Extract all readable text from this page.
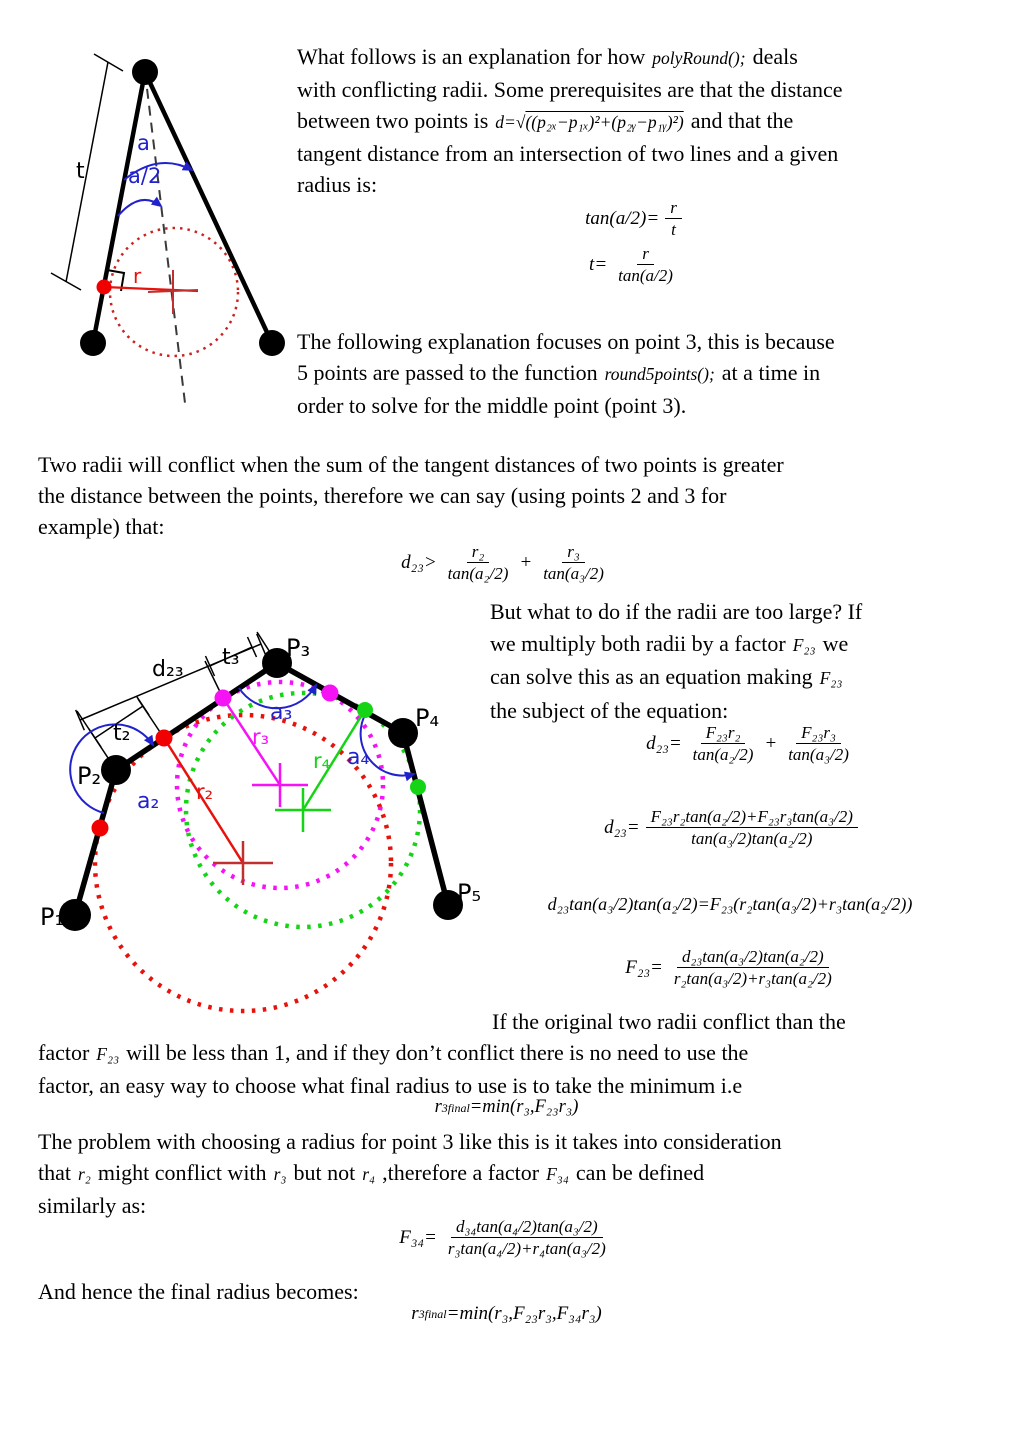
t
a
a/2
r
What follows is an explanation for how polyRound(); deals
with conflicting radii. Some prerequisites are that the distance
between two points is d=√((p₂ₓ−p₁ₓ)²+(p₂ᵧ−p₁ᵧ)²) and that the
tangent distance from an intersection of two lines and a given
radius is:
$\tan(a/2)= \frac{r}{t}$
$t= \frac{r}{\tan(a/2)}$
The following explanation focuses on point 3, this is because
5 points are passed to the function round5points(); at a time in
order to solve for the middle point (point 3).
Two radii will conflict when the sum of the tangent distances of two points is greater
the distance between the points, therefore we can say (using points 2 and 3 for
example) that:
d₂₃>
r₂
tan(a₂/2)
+ $\frac{\text{r₃}}{\text{tan(a₃/2)}}$
P₁
P₂
P₃
P₄
P₅
d₂₃
t₂
t₃
a₂
a₃
a₄
r₂
r₃
r₄
But what to do if the radii are too large? If
we multiply both radii by a factor F₂₃ we
can solve this as an equation making F₂₃
the subject of the equation:
$d_{23}= \frac{\text{F₂₃r₂}}{\text{tan(a₂/2)}} + \frac{\text{F₂₃r₃}}{\text{tan(a₃/2)}}$
$d_{23}= \frac{\text{F₂₃r₂tan(a₂/2)+F₂₃r₃tan(a₃/2)}}{\text{tan(a₃/2)tan(a₂/2)}}$
d₂₃tan(a₃/2)tan(a₂/2)=F₂₃(r₂tan(a₃/2)+r₃tan(a₂/2))
$F_{23}= \frac{\text{d₂₃tan(a₃/2)tan(a₂/2)}}{\text{r₂tan(a₃/2)+r₃tan(a₂/2)}}$
If the original two radii conflict than the
factor F₂₃ will be less than 1, and if they don’t conflict there is no need to use the
factor, an easy way to choose what final radius to use is to take the minimum i.e
r 3final =min(r₃,F₂₃r₃)
The problem with choosing a radius for point 3 like this is it takes into consideration
that r₂ might conflict with r₃ but not r₄ ,therefore a factor F₃₄ can be defined
similarly as:
$F_{34}= \frac{\text{d₃₄tan(a₄/2)tan(a₃/2)}}{\text{r₃tan(a₄/2)+r₄tan(a₃/2)}}$
And hence the final radius becomes:
r 3final =min(r₃,F₂₃r₃,F₃₄r₃)
